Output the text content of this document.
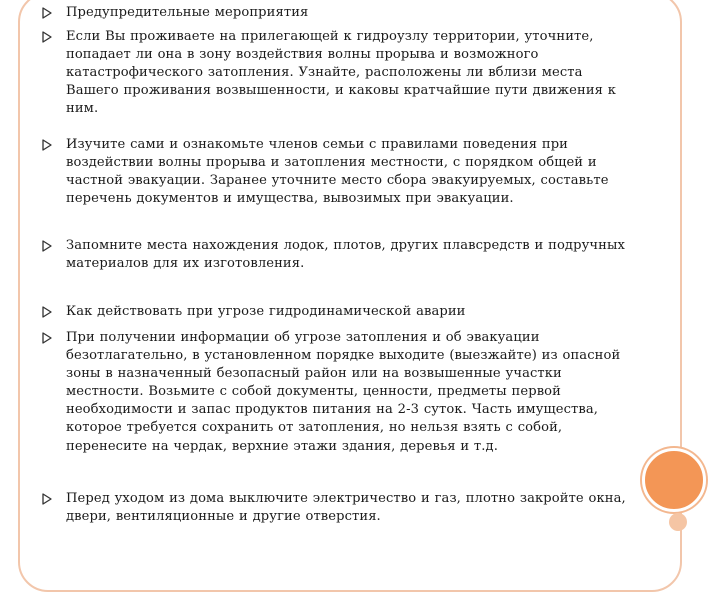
Предупредительные мероприятия
Если Вы проживаете на прилегающей к гидроузлу территории, уточните, попадает ли она в зону воздействия волны прорыва и возможного катастрофического затопления. Узнайте, расположены ли вблизи места Вашего проживания возвышенности, и каковы кратчайшие пути движения к ним.
Изучите сами и ознакомьте членов семьи с правилами поведения при воздействии волны прорыва и затопления местности, с порядком общей и частной эвакуации. Заранее уточните место сбора эвакуируемых, составьте перечень документов и имущества, вывозимых при эвакуации.
Запомните места нахождения лодок, плотов, других плавсредств и подручных материалов для их изготовления.
Как действовать при угрозе гидродинамической аварии
При получении информации об угрозе затопления и об эвакуации безотлагательно, в установленном порядке выходите (выезжайте) из опасной зоны в назначенный безопасный район или на возвышенные участки местности. Возьмите с собой документы, ценности, предметы первой необходимости и запас продуктов питания на 2-3 суток. Часть имущества, которое требуется сохранить от затопления, но нельзя взять с собой, перенесите на чердак, верхние этажи здания, деревья и т.д.
Перед уходом из дома выключите электричество и газ, плотно закройте окна, двери, вентиляционные и другие отверстия.
